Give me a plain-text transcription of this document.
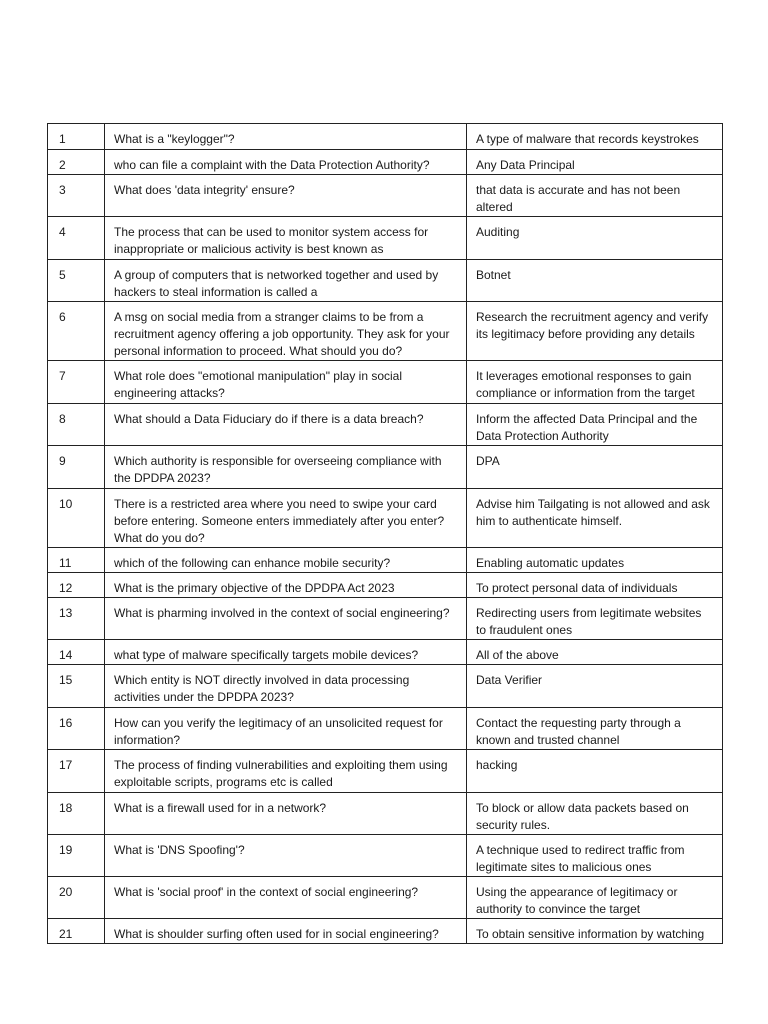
1	What is a "keylogger"?	A type of malware that records keystrokes
2	who can file a complaint with the Data Protection Authority?	Any Data Principal
3	What does 'data integrity' ensure?	that data is accurate and has not been altered
4	The process that can be used to monitor system access for inappropriate or malicious activity is best known as	Auditing
5	A group of computers that is networked together and used by hackers to steal information is called a	Botnet
6	A msg on social media from a stranger claims to be from a recruitment agency offering a job opportunity. They ask for your personal information to proceed. What should you do?	Research the recruitment agency and verify its legitimacy before providing any details
7	What role does "emotional manipulation" play in social engineering attacks?	It leverages emotional responses to gain compliance or information from the target
8	What should a Data Fiduciary do if there is a data breach?	Inform the affected Data Principal and the Data Protection Authority
9	Which authority is responsible for overseeing compliance with the DPDPA 2023?	DPA
10	There is a restricted area where you need to swipe your card before entering. Someone enters immediately after you enter? What do you do?	Advise him Tailgating is not allowed and ask him to authenticate himself.
11	which of the following can enhance mobile security?	Enabling automatic updates
12	What is the primary objective of the DPDPA Act 2023	To protect personal data of individuals
13	What is pharming involved in the context of social engineering?	Redirecting users from legitimate websites to fraudulent ones
14	what type of malware specifically targets mobile devices?	All of the above
15	Which entity is NOT directly involved in data processing activities under the DPDPA 2023?	Data Verifier
16	How can you verify the legitimacy of an unsolicited request for information?	Contact the requesting party through a known and trusted channel
17	The process of finding vulnerabilities and exploiting them using exploitable scripts, programs etc is called	hacking
18	What is a firewall used for in a network?	To block or allow data packets based on security rules.
19	What is 'DNS Spoofing'?	A technique used to redirect traffic from legitimate sites to malicious ones
20	What is 'social proof' in the context of social engineering?	Using the appearance of legitimacy or authority to convince the target
21	What is shoulder surfing often used for in social engineering?	To obtain sensitive information by watching
